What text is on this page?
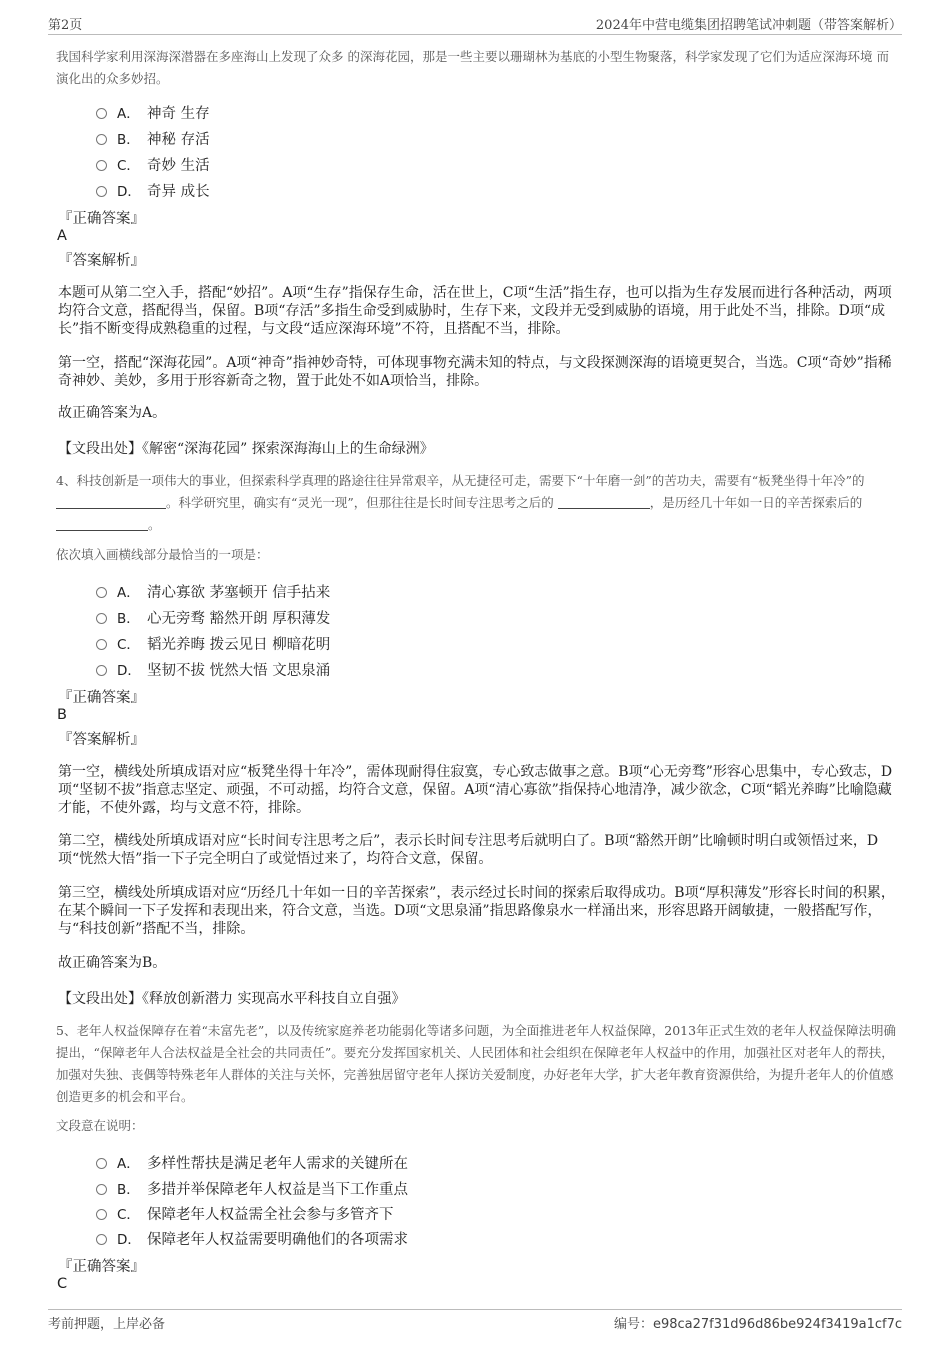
第2页	2024年中营电缆集团招聘笔试冲刺题（带答案解析）
我国科学家利用深海深潜器在多座海山上发现了众多 的深海花园，那是一些主要以珊瑚林为基底的小型生物聚落，科学家发现了它们为适应深海环境 而演化出的众多妙招。
A． 神奇 生存
B． 神秘 存活
C． 奇妙 生活
D． 奇异 成长
『正确答案』
A
『答案解析』
本题可从第二空入手，搭配“妙招”。A项“生存”指保存生命，活在世上，C项“生活”指生存，也可以指为生存发展而进行各种活动，两项均符合文意，搭配得当，保留。B项“存活”多指生命受到威胁时，生存下来，文段并无受到威胁的语境，用于此处不当，排除。D项“成长”指不断变得成熟稳重的过程，与文段“适应深海环境”不符，且搭配不当，排除。
第一空，搭配“深海花园”。A项“神奇”指神妙奇特，可体现事物充满未知的特点，与文段探测深海的语境更契合，当选。C项“奇妙”指稀奇神妙、美妙，多用于形容新奇之物，置于此处不如A项恰当，排除。
故正确答案为A。
【文段出处】《解密“深海花园” 探索深海海山上的生命绿洲》
4、科技创新是一项伟大的事业，但探索科学真理的路途往往异常艰辛，从无捷径可走，需要下“十年磨一剑”的苦功夫，需要有“板凳坐得十年冷”的 。科学研究里，确实有“灵光一现”，但那往往是长时间专注思考之后的	，是历经几十年如一日的辛苦探索后的 。
依次填入画横线部分最恰当的一项是：
A． 清心寡欲 茅塞顿开 信手拈来
B． 心无旁骛 豁然开朗 厚积薄发
C． 韬光养晦 拨云见日 柳暗花明
D． 坚韧不拔 恍然大悟 文思泉涌
『正确答案』
B
『答案解析』
第一空，横线处所填成语对应“板凳坐得十年冷”，需体现耐得住寂寞，专心致志做事之意。B项“心无旁骛”形容心思集中，专心致志，D项“坚韧不拔”指意志坚定、顽强，不可动摇，均符合文意，保留。A项“清心寡欲”指保持心地清净，减少欲念，C项“韬光养晦”比喻隐藏才能，不使外露，均与文意不符，排除。
第二空，横线处所填成语对应“长时间专注思考之后”，表示长时间专注思考后就明白了。B项“豁然开朗”比喻顿时明白或领悟过来，D项“恍然大悟”指一下子完全明白了或觉悟过来了，均符合文意，保留。
第三空，横线处所填成语对应“历经几十年如一日的辛苦探索”，表示经过长时间的探索后取得成功。B项“厚积薄发”形容长时间的积累，在某个瞬间一下子发挥和表现出来，符合文意，当选。D项“文思泉涌”指思路像泉水一样涌出来，形容思路开阔敏捷，一般搭配写作，与“科技创新”搭配不当，排除。
故正确答案为B。
【文段出处】《释放创新潜力 实现高水平科技自立自强》
5、老年人权益保障存在着“未富先老”，以及传统家庭养老功能弱化等诸多问题，为全面推进老年人权益保障，2013年正式生效的老年人权益保障法明确提出，“保障老年人合法权益是全社会的共同责任”。要充分发挥国家机关、人民团体和社会组织在保障老年人权益中的作用，加强社区对老年人的帮扶，加强对失独、丧偶等特殊老年人群体的关注与关怀，完善独居留守老年人探访关爱制度，办好老年大学，扩大老年教育资源供给，为提升老年人的价值感创造更多的机会和平台。
文段意在说明：
A． 多样性帮扶是满足老年人需求的关键所在
B． 多措并举保障老年人权益是当下工作重点
C． 保障老年人权益需全社会参与多管齐下
D． 保障老年人权益需要明确他们的各项需求
『正确答案』
C
考前押题，上岸必备	编号：e98ca27f31d96d86be924f3419a1cf7c
